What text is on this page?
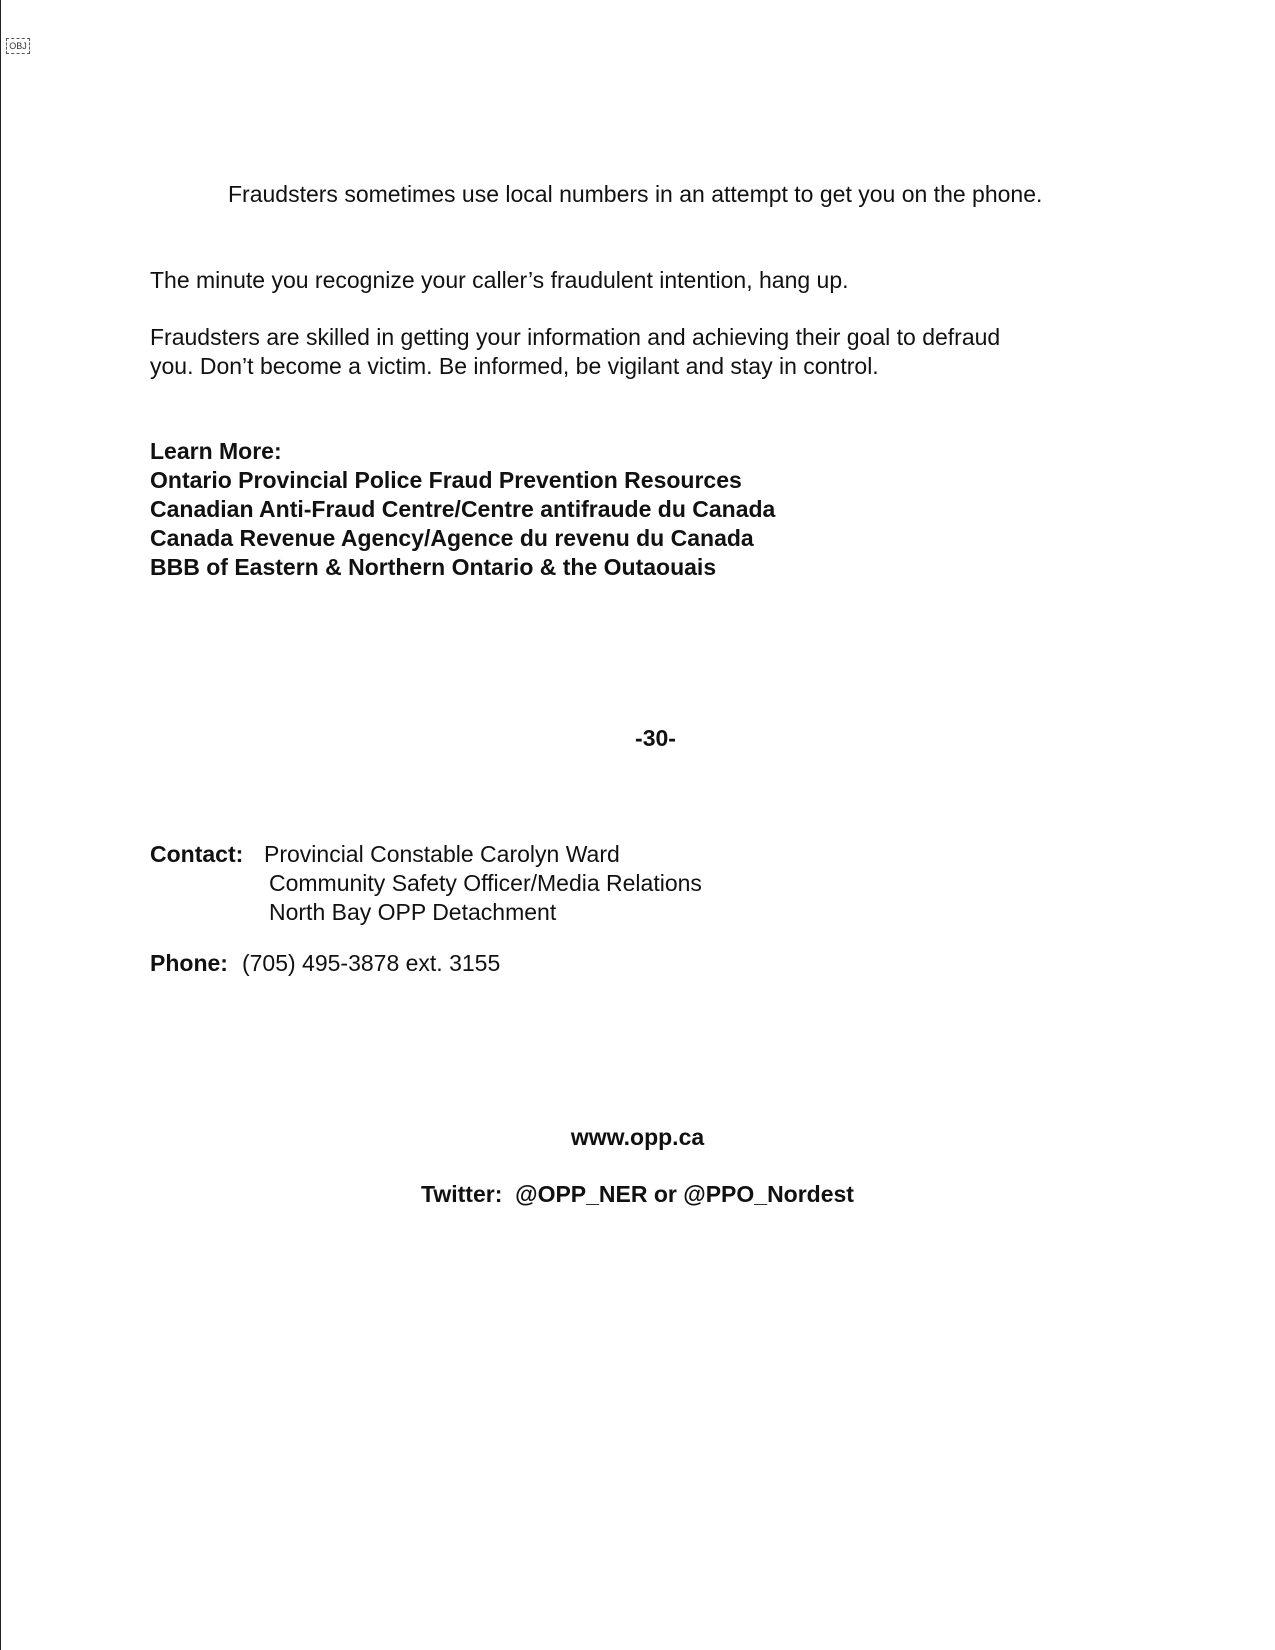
OBJ
Fraudsters sometimes use local numbers in an attempt to get you on the phone.
The minute you recognize your caller’s fraudulent intention, hang up.
Fraudsters are skilled in getting your information and achieving their goal to defraud
you. Don’t become a victim. Be informed, be vigilant and stay in control.
Learn More:
Ontario Provincial Police Fraud Prevention Resources
Canadian Anti-Fraud Centre/Centre antifraude du Canada
Canada Revenue Agency/Agence du revenu du Canada
BBB of Eastern & Northern Ontario & the Outaouais
-30-
Contact: Provincial Constable Carolyn Ward
Community Safety Officer/Media Relations
North Bay OPP Detachment
Phone: (705) 495-3878 ext. 3155
www.opp.ca
Twitter: @OPP_NER or @PPO_Nordest
